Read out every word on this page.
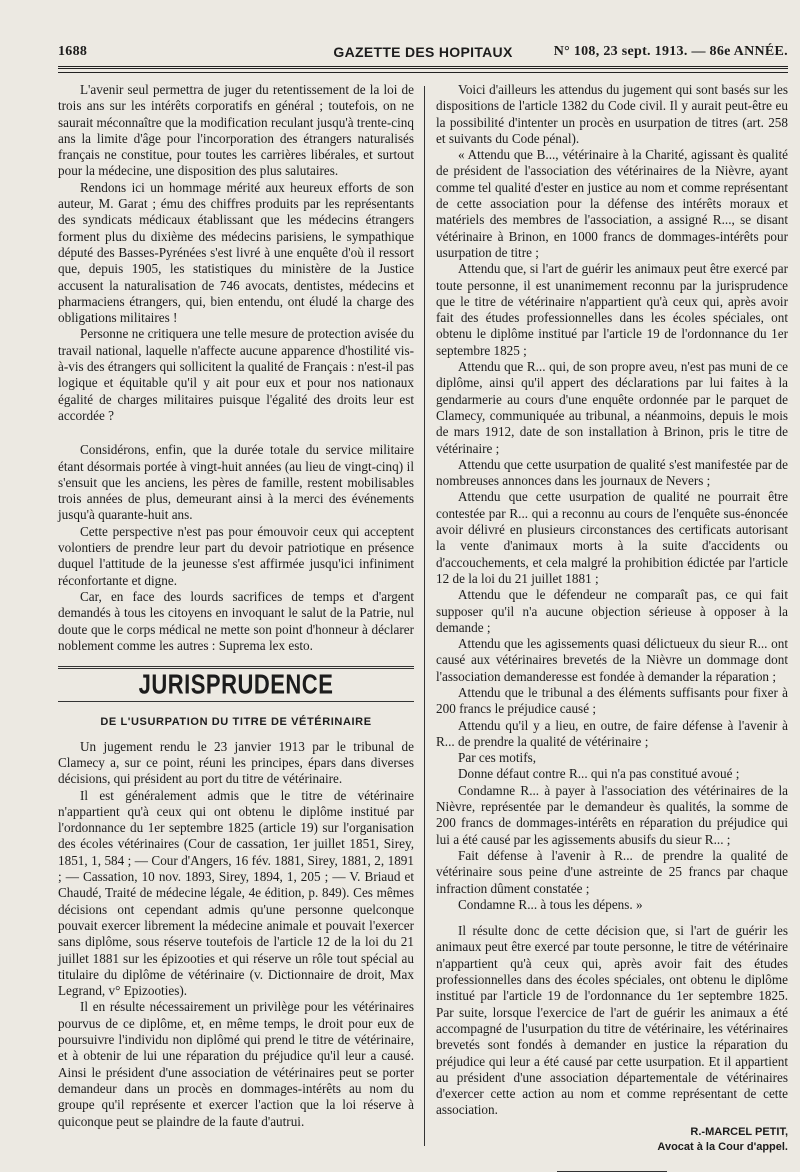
1688	GAZETTE DES HOPITAUX	N° 108, 23 sept. 1913. — 86e ANNÉE.

L'avenir seul permettra de juger du retentissement de la loi de trois ans sur les intérêts corporatifs en général ; toutefois, on ne saurait méconnaître que la modification reculant jusqu'à trente-cinq ans la limite d'âge pour l'incorporation des étrangers naturalisés français ne constitue, pour toutes les carrières libérales, et surtout pour la médecine, une disposition des plus salutaires.

Rendons ici un hommage mérité aux heureux efforts de son auteur, M. Garat ; ému des chiffres produits par les représentants des syndicats médicaux établissant que les médecins étrangers forment plus du dixième des médecins parisiens, le sympathique député des Basses-Pyrénées s'est livré à une enquête d'où il ressort que, depuis 1905, les statistiques du ministère de la Justice accusent la naturalisation de 746 avocats, dentistes, médecins et pharmaciens étrangers, qui, bien entendu, ont éludé la charge des obligations militaires !

Personne ne critiquera une telle mesure de protection avisée du travail national, laquelle n'affecte aucune apparence d'hostilité vis-à-vis des étrangers qui sollicitent la qualité de Français : n'est-il pas logique et équitable qu'il y ait pour eux et pour nos nationaux égalité de charges militaires puisque l'égalité des droits leur est accordée ?

Considérons, enfin, que la durée totale du service militaire étant désormais portée à vingt-huit années (au lieu de vingt-cinq) il s'ensuit que les anciens, les pères de famille, restent mobilisables trois années de plus, demeurant ainsi à la merci des événements jusqu'à quarante-huit ans.

Cette perspective n'est pas pour émouvoir ceux qui acceptent volontiers de prendre leur part du devoir patriotique en présence duquel l'attitude de la jeunesse s'est affirmée jusqu'ici infiniment réconfortante et digne.

Car, en face des lourds sacrifices de temps et d'argent demandés à tous les citoyens en invoquant le salut de la Patrie, nul doute que le corps médical ne mette son point d'honneur à déclarer noblement comme les autres : Suprema lex esto.

JURISPRUDENCE
DE L'USURPATION DU TITRE DE VÉTÉRINAIRE

Un jugement rendu le 23 janvier 1913 par le tribunal de Clamecy a, sur ce point, réuni les principes, épars dans diverses décisions, qui président au port du titre de vétérinaire.

Il est généralement admis que le titre de vétérinaire n'appartient qu'à ceux qui ont obtenu le diplôme institué par l'ordonnance du 1er septembre 1825 (article 19) sur l'organisation des écoles vétérinaires (Cour de cassation, 1er juillet 1851, Sirey, 1851, 1, 584 ; — Cour d'Angers, 16 fév. 1881, Sirey, 1881, 2, 1891 ; — Cassation, 10 nov. 1893, Sirey, 1894, 1, 205 ; — V. Briaud et Chaudé, Traité de médecine légale, 4e édition, p. 849). Ces mêmes décisions ont cependant admis qu'une personne quelconque pouvait exercer librement la médecine animale et pouvait l'exercer sans diplôme, sous réserve toutefois de l'article 12 de la loi du 21 juillet 1881 sur les épizooties et qui réserve un rôle tout spécial au titulaire du diplôme de vétérinaire (v. Dictionnaire de droit, Max Legrand, v° Epizooties).

Il en résulte nécessairement un privilège pour les vétérinaires pourvus de ce diplôme, et, en même temps, le droit pour eux de poursuivre l'individu non diplômé qui prend le titre de vétérinaire, et à obtenir de lui une réparation du préjudice qu'il leur a causé. Ainsi le président d'une association de vétérinaires peut se porter demandeur dans un procès en dommages-intérêts au nom du groupe qu'il représente et exercer l'action que la loi réserve à quiconque peut se plaindre de la faute d'autrui.

Voici d'ailleurs les attendus du jugement qui sont basés sur les dispositions de l'article 1382 du Code civil. Il y aurait peut-être eu la possibilité d'intenter un procès en usurpation de titres (art. 258 et suivants du Code pénal).

« Attendu que B..., vétérinaire à la Charité, agissant ès qualité de président de l'association des vétérinaires de la Nièvre, ayant comme tel qualité d'ester en justice au nom et comme représentant de cette association pour la défense des intérêts moraux et matériels des membres de l'association, a assigné R..., se disant vétérinaire à Brinon, en 1000 francs de dommages-intérêts pour usurpation de titre ;

Attendu que, si l'art de guérir les animaux peut être exercé par toute personne, il est unanimement reconnu par la jurisprudence que le titre de vétérinaire n'appartient qu'à ceux qui, après avoir fait des études professionnelles dans les écoles spéciales, ont obtenu le diplôme institué par l'article 19 de l'ordonnance du 1er septembre 1825 ;

Attendu que R... qui, de son propre aveu, n'est pas muni de ce diplôme, ainsi qu'il appert des déclarations par lui faites à la gendarmerie au cours d'une enquête ordonnée par le parquet de Clamecy, communiquée au tribunal, a néanmoins, depuis le mois de mars 1912, date de son installation à Brinon, pris le titre de vétérinaire ;

Attendu que cette usurpation de qualité s'est manifestée par de nombreuses annonces dans les journaux de Nevers ;

Attendu que cette usurpation de qualité ne pourrait être contestée par R... qui a reconnu au cours de l'enquête sus-énoncée avoir délivré en plusieurs circonstances des certificats autorisant la vente d'animaux morts à la suite d'accidents ou d'accouchements, et cela malgré la prohibition édictée par l'article 12 de la loi du 21 juillet 1881 ;

Attendu que le défendeur ne comparaît pas, ce qui fait supposer qu'il n'a aucune objection sérieuse à opposer à la demande ;

Attendu que les agissements quasi délictueux du sieur R... ont causé aux vétérinaires brevetés de la Nièvre un dommage dont l'association demanderesse est fondée à demander la réparation ;

Attendu que le tribunal a des éléments suffisants pour fixer à 200 francs le préjudice causé ;

Attendu qu'il y a lieu, en outre, de faire défense à l'avenir à R... de prendre la qualité de vétérinaire ;

Par ces motifs,

Donne défaut contre R... qui n'a pas constitué avoué ;

Condamne R... à payer à l'association des vétérinaires de la Nièvre, représentée par le demandeur ès qualités, la somme de 200 francs de dommages-intérêts en réparation du préjudice qui lui a été causé par les agissements abusifs du sieur R... ;

Fait défense à l'avenir à R... de prendre la qualité de vétérinaire sous peine d'une astreinte de 25 francs par chaque infraction dûment constatée ;

Condamne R... à tous les dépens. »

Il résulte donc de cette décision que, si l'art de guérir les animaux peut être exercé par toute personne, le titre de vétérinaire n'appartient qu'à ceux qui, après avoir fait des études professionnelles dans des écoles spéciales, ont obtenu le diplôme institué par l'article 19 de l'ordonnance du 1er septembre 1825. Par suite, lorsque l'exercice de l'art de guérir les animaux a été accompagné de l'usurpation du titre de vétérinaire, les vétérinaires brevetés sont fondés à demander en justice la réparation du préjudice qui leur a été causé par cette usurpation. Et il appartient au président d'une association départementale de vétérinaires d'exercer cette action au nom et comme représentant de cette association.

R.-MARCEL PETIT,
Avocat à la Cour d'appel.
